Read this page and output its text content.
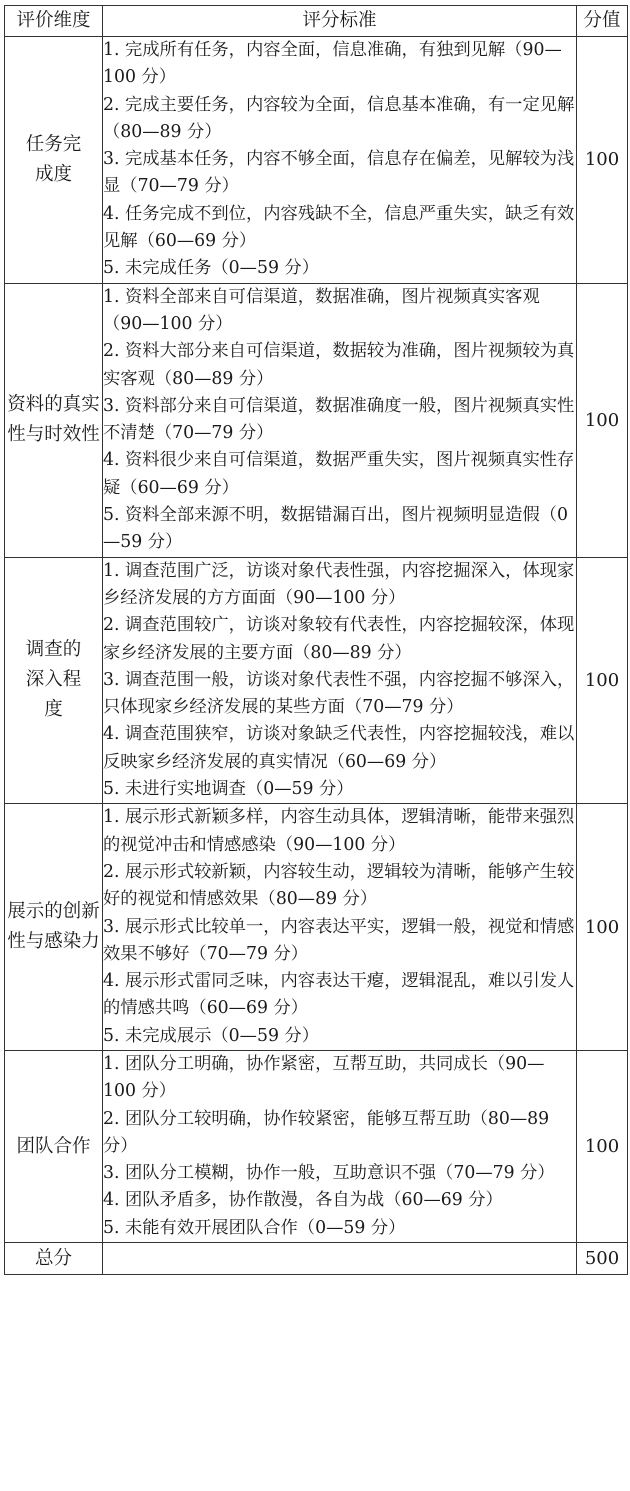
评价维度	评分标准	分值
任务完成度	1. 完成所有任务，内容全面，信息准确，有独到见解（90—100 分）
2. 完成主要任务，内容较为全面，信息基本准确，有一定见解（80—89 分）
3. 完成基本任务，内容不够全面，信息存在偏差，见解较为浅显（70—79 分）
4. 任务完成不到位，内容残缺不全，信息严重失实，缺乏有效见解（60—69 分）
5. 未完成任务（0—59 分）	100
资料的真实性与时效性	1. 资料全部来自可信渠道，数据准确，图片视频真实客观（90—100 分）
2. 资料大部分来自可信渠道，数据较为准确，图片视频较为真实客观（80—89 分）
3. 资料部分来自可信渠道，数据准确度一般，图片视频真实性不清楚（70—79 分）
4. 资料很少来自可信渠道，数据严重失实，图片视频真实性存疑（60—69 分）
5. 资料全部来源不明，数据错漏百出，图片视频明显造假（0—59 分）	100
调查的深入程度	1. 调查范围广泛，访谈对象代表性强，内容挖掘深入，体现家乡经济发展的方方面面（90—100 分）
2. 调查范围较广，访谈对象较有代表性，内容挖掘较深，体现家乡经济发展的主要方面（80—89 分）
3. 调查范围一般，访谈对象代表性不强，内容挖掘不够深入，只体现家乡经济发展的某些方面（70—79 分）
4. 调查范围狭窄，访谈对象缺乏代表性，内容挖掘较浅，难以反映家乡经济发展的真实情况（60—69 分）
5. 未进行实地调查（0—59 分）	100
展示的创新性与感染力	1. 展示形式新颖多样，内容生动具体，逻辑清晰，能带来强烈的视觉冲击和情感感染（90—100 分）
2. 展示形式较新颖，内容较生动，逻辑较为清晰，能够产生较好的视觉和情感效果（80—89 分）
3. 展示形式比较单一，内容表达平实，逻辑一般，视觉和情感效果不够好（70—79 分）
4. 展示形式雷同乏味，内容表达干瘪，逻辑混乱，难以引发人的情感共鸣（60—69 分）
5. 未完成展示（0—59 分）	100
团队合作	1. 团队分工明确，协作紧密，互帮互助，共同成长（90—100 分）
2. 团队分工较明确，协作较紧密，能够互帮互助（80—89 分）
3. 团队分工模糊，协作一般，互助意识不强（70—79 分）
4. 团队矛盾多，协作散漫，各自为战（60—69 分）
5. 未能有效开展团队合作（0—59 分）	100
总分		500
